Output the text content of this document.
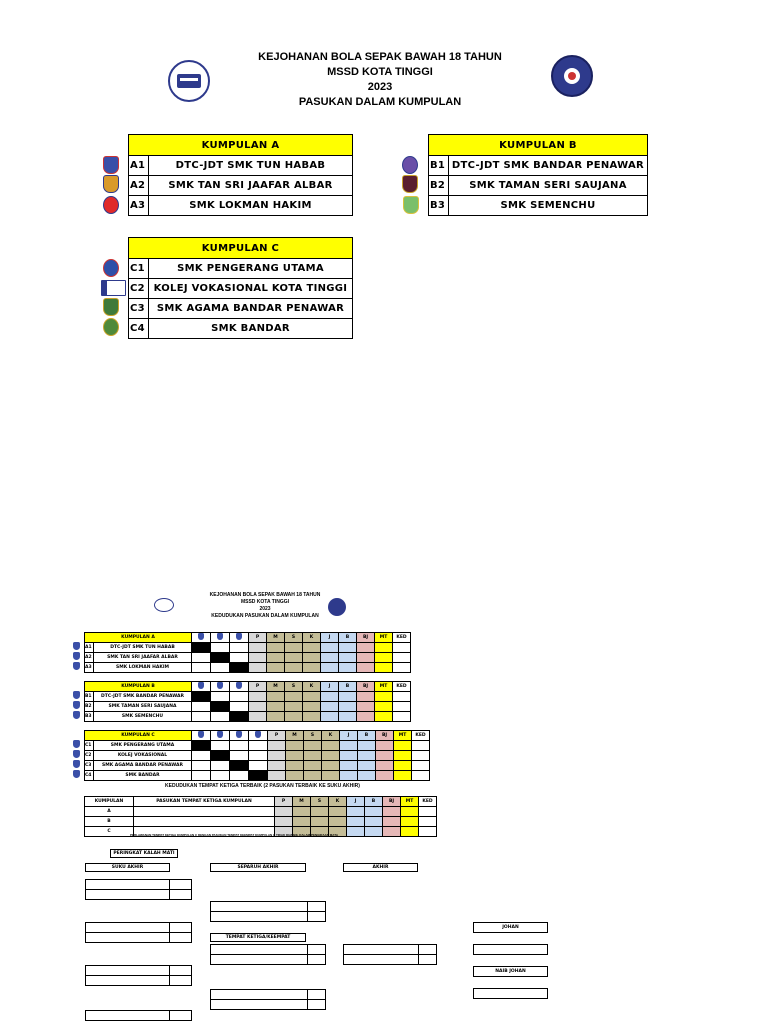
KEJOHANAN BOLA SEPAK BAWAH 18 TAHUN
MSSD KOTA TINGGI
2023
PASUKAN DALAM KUMPULAN
KUMPULAN A	
A1	DTC-JDT SMK TUN HABAB
A2	SMK TAN SRI JAAFAR ALBAR
A3	SMK LOKMAN HAKIM
KUMPULAN B	
B1	DTC-JDT SMK BANDAR PENAWAR
B2	SMK TAMAN SERI SAUJANA
B3	SMK SEMENCHU
KUMPULAN C	
C1	SMK PENGERANG UTAMA
C2	KOLEJ VOKASIONAL KOTA TINGGI
C3	SMK AGAMA BANDAR PENAWAR
C4	SMK BANDAR
KEJOHANAN BOLA SEPAK BAWAH 18 TAHUN
MSSD KOTA TINGGI
2023
KEDUDUKAN PASUKAN DALAM KUMPULAN
KUMPULAN A					P	M	S	K	J	B	BJ	MT	KED
A1	DTC-JDT SMK TUN HABAB												
A2	SMK TAN SRI JAAFAR ALBAR												
A3	SMK LOKMAN HAKIM												
KUMPULAN B					P	M	S	K	J	B	BJ	MT	KED
B1	DTC-JDT SMK BANDAR PENAWAR												
B2	SMK TAMAN SERI SAUJANA												
B3	SMK SEMENCHU												
KUMPULAN C						P	M	S	K	J	B	BJ	MT	KED
C1	SMK PENGERANG UTAMA													
C2	KOLEJ VOKASIONAL													
C3	SMK AGAMA BANDAR PENAWAR													
C4	SMK BANDAR													
KEDUDUKAN TEMPAT KETIGA TERBAIK (2 PASUKAN TERBAIK KE SUKU AKHIR)
KUMPULAN	PASUKAN TEMPAT KETIGA KUMPULAN	P	M	S	K	J	B	BJ	MT	KED
A										
B										
C										
PERLAWANAN TEMPAT KETIGA KUMPULAN C DENGAN PASUKAN TEMPAT KEEMPAT KUMPULAN C TIDAK DIAMBIL DALAM PENGIRAAN MATA
PERINGKAT KALAH MATI
SUKU AKHIR	SEPARUH AKHIR	AKHIR
TEMPAT KETIGA/KEEMPAT
JOHAN
NAIB JOHAN
